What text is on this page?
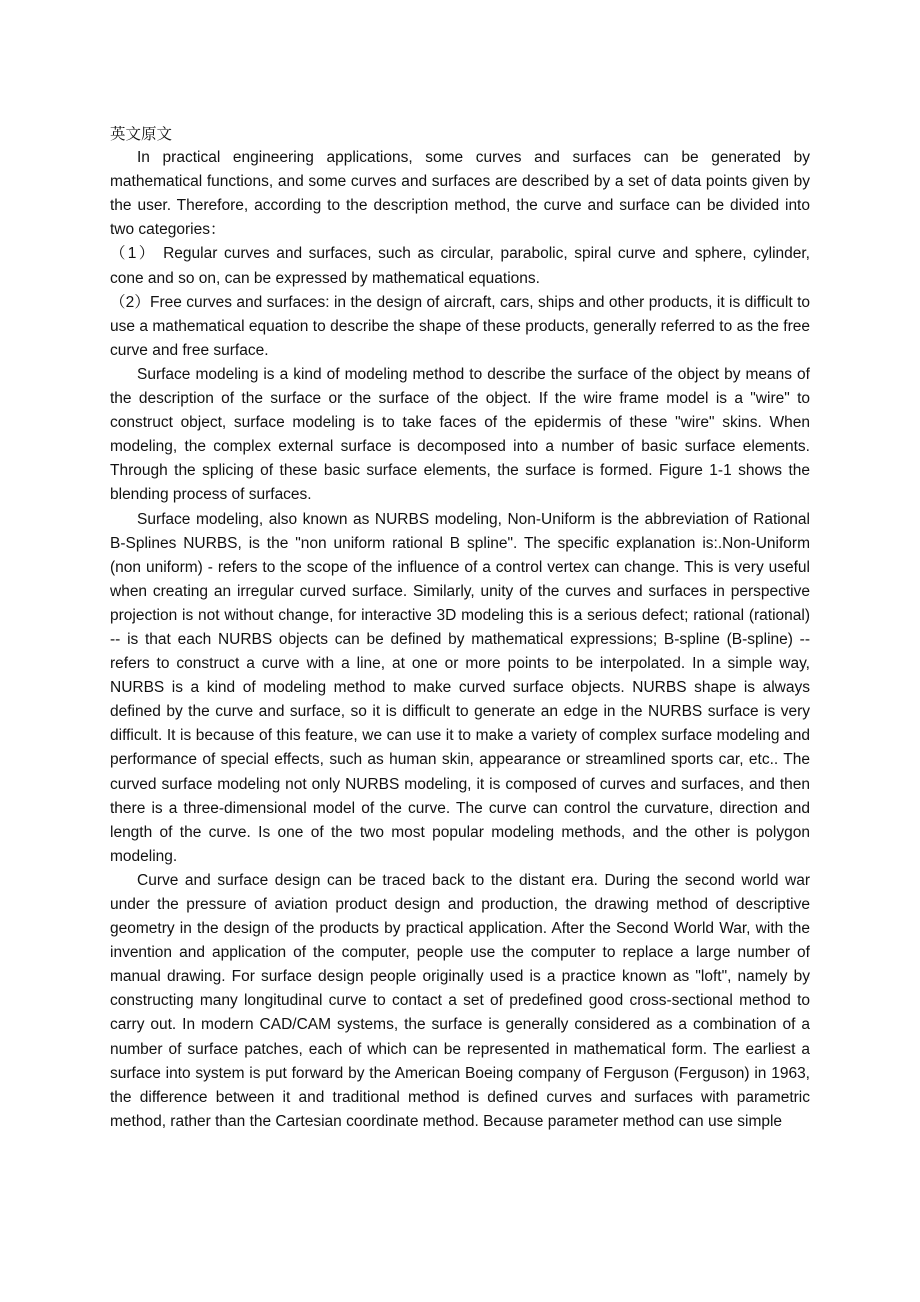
英文原文

In practical engineering applications, some curves and surfaces can be generated by mathematical functions, and some curves and surfaces are described by a set of data points given by the user. Therefore, according to the description method, the curve and surface can be divided into two categories：

（1） Regular curves and surfaces, such as circular, parabolic, spiral curve and sphere, cylinder, cone and so on, can be expressed by mathematical equations.

（2）Free curves and surfaces: in the design of aircraft, cars, ships and other products, it is difficult to use a mathematical equation to describe the shape of these products, generally referred to as the free curve and free surface.

Surface modeling is a kind of modeling method to describe the surface of the object by means of the description of the surface or the surface of the object. If the wire frame model is a "wire" to construct object, surface modeling is to take faces of the epidermis of these "wire" skins. When modeling, the complex external surface is decomposed into a number of basic surface elements. Through the splicing of these basic surface elements, the surface is formed. Figure 1-1 shows the blending process of surfaces.

Surface modeling, also known as NURBS modeling, Non-Uniform is the abbreviation of Rational B-Splines NURBS, is the "non uniform rational B spline". The specific explanation is:.Non-Uniform (non uniform) - refers to the scope of the influence of a control vertex can change. This is very useful when creating an irregular curved surface. Similarly, unity of the curves and surfaces in perspective projection is not without change, for interactive 3D modeling this is a serious defect; rational (rational) -- is that each NURBS objects can be defined by mathematical expressions; B-spline (B-spline) -- refers to construct a curve with a line, at one or more points to be interpolated. In a simple way, NURBS is a kind of modeling method to make curved surface objects. NURBS shape is always defined by the curve and surface, so it is difficult to generate an edge in the NURBS surface is very difficult. It is because of this feature, we can use it to make a variety of complex surface modeling and performance of special effects, such as human skin, appearance or streamlined sports car, etc.. The curved surface modeling not only NURBS modeling, it is composed of curves and surfaces, and then there is a three-dimensional model of the curve. The curve can control the curvature, direction and length of the curve. Is one of the two most popular modeling methods, and the other is polygon modeling.

Curve and surface design can be traced back to the distant era. During the second world war under the pressure of aviation product design and production, the drawing method of descriptive geometry in the design of the products by practical application. After the Second World War, with the invention and application of the computer, people use the computer to replace a large number of manual drawing. For surface design people originally used is a practice known as "loft", namely by constructing many longitudinal curve to contact a set of predefined good cross-sectional method to carry out. In modern CAD/CAM systems, the surface is generally considered as a combination of a number of surface patches, each of which can be represented in mathematical form. The earliest a surface into system is put forward by the American Boeing company of Ferguson (Ferguson) in 1963, the difference between it and traditional method is defined curves and surfaces with parametric method, rather than the Cartesian coordinate method. Because parameter method can use simple
